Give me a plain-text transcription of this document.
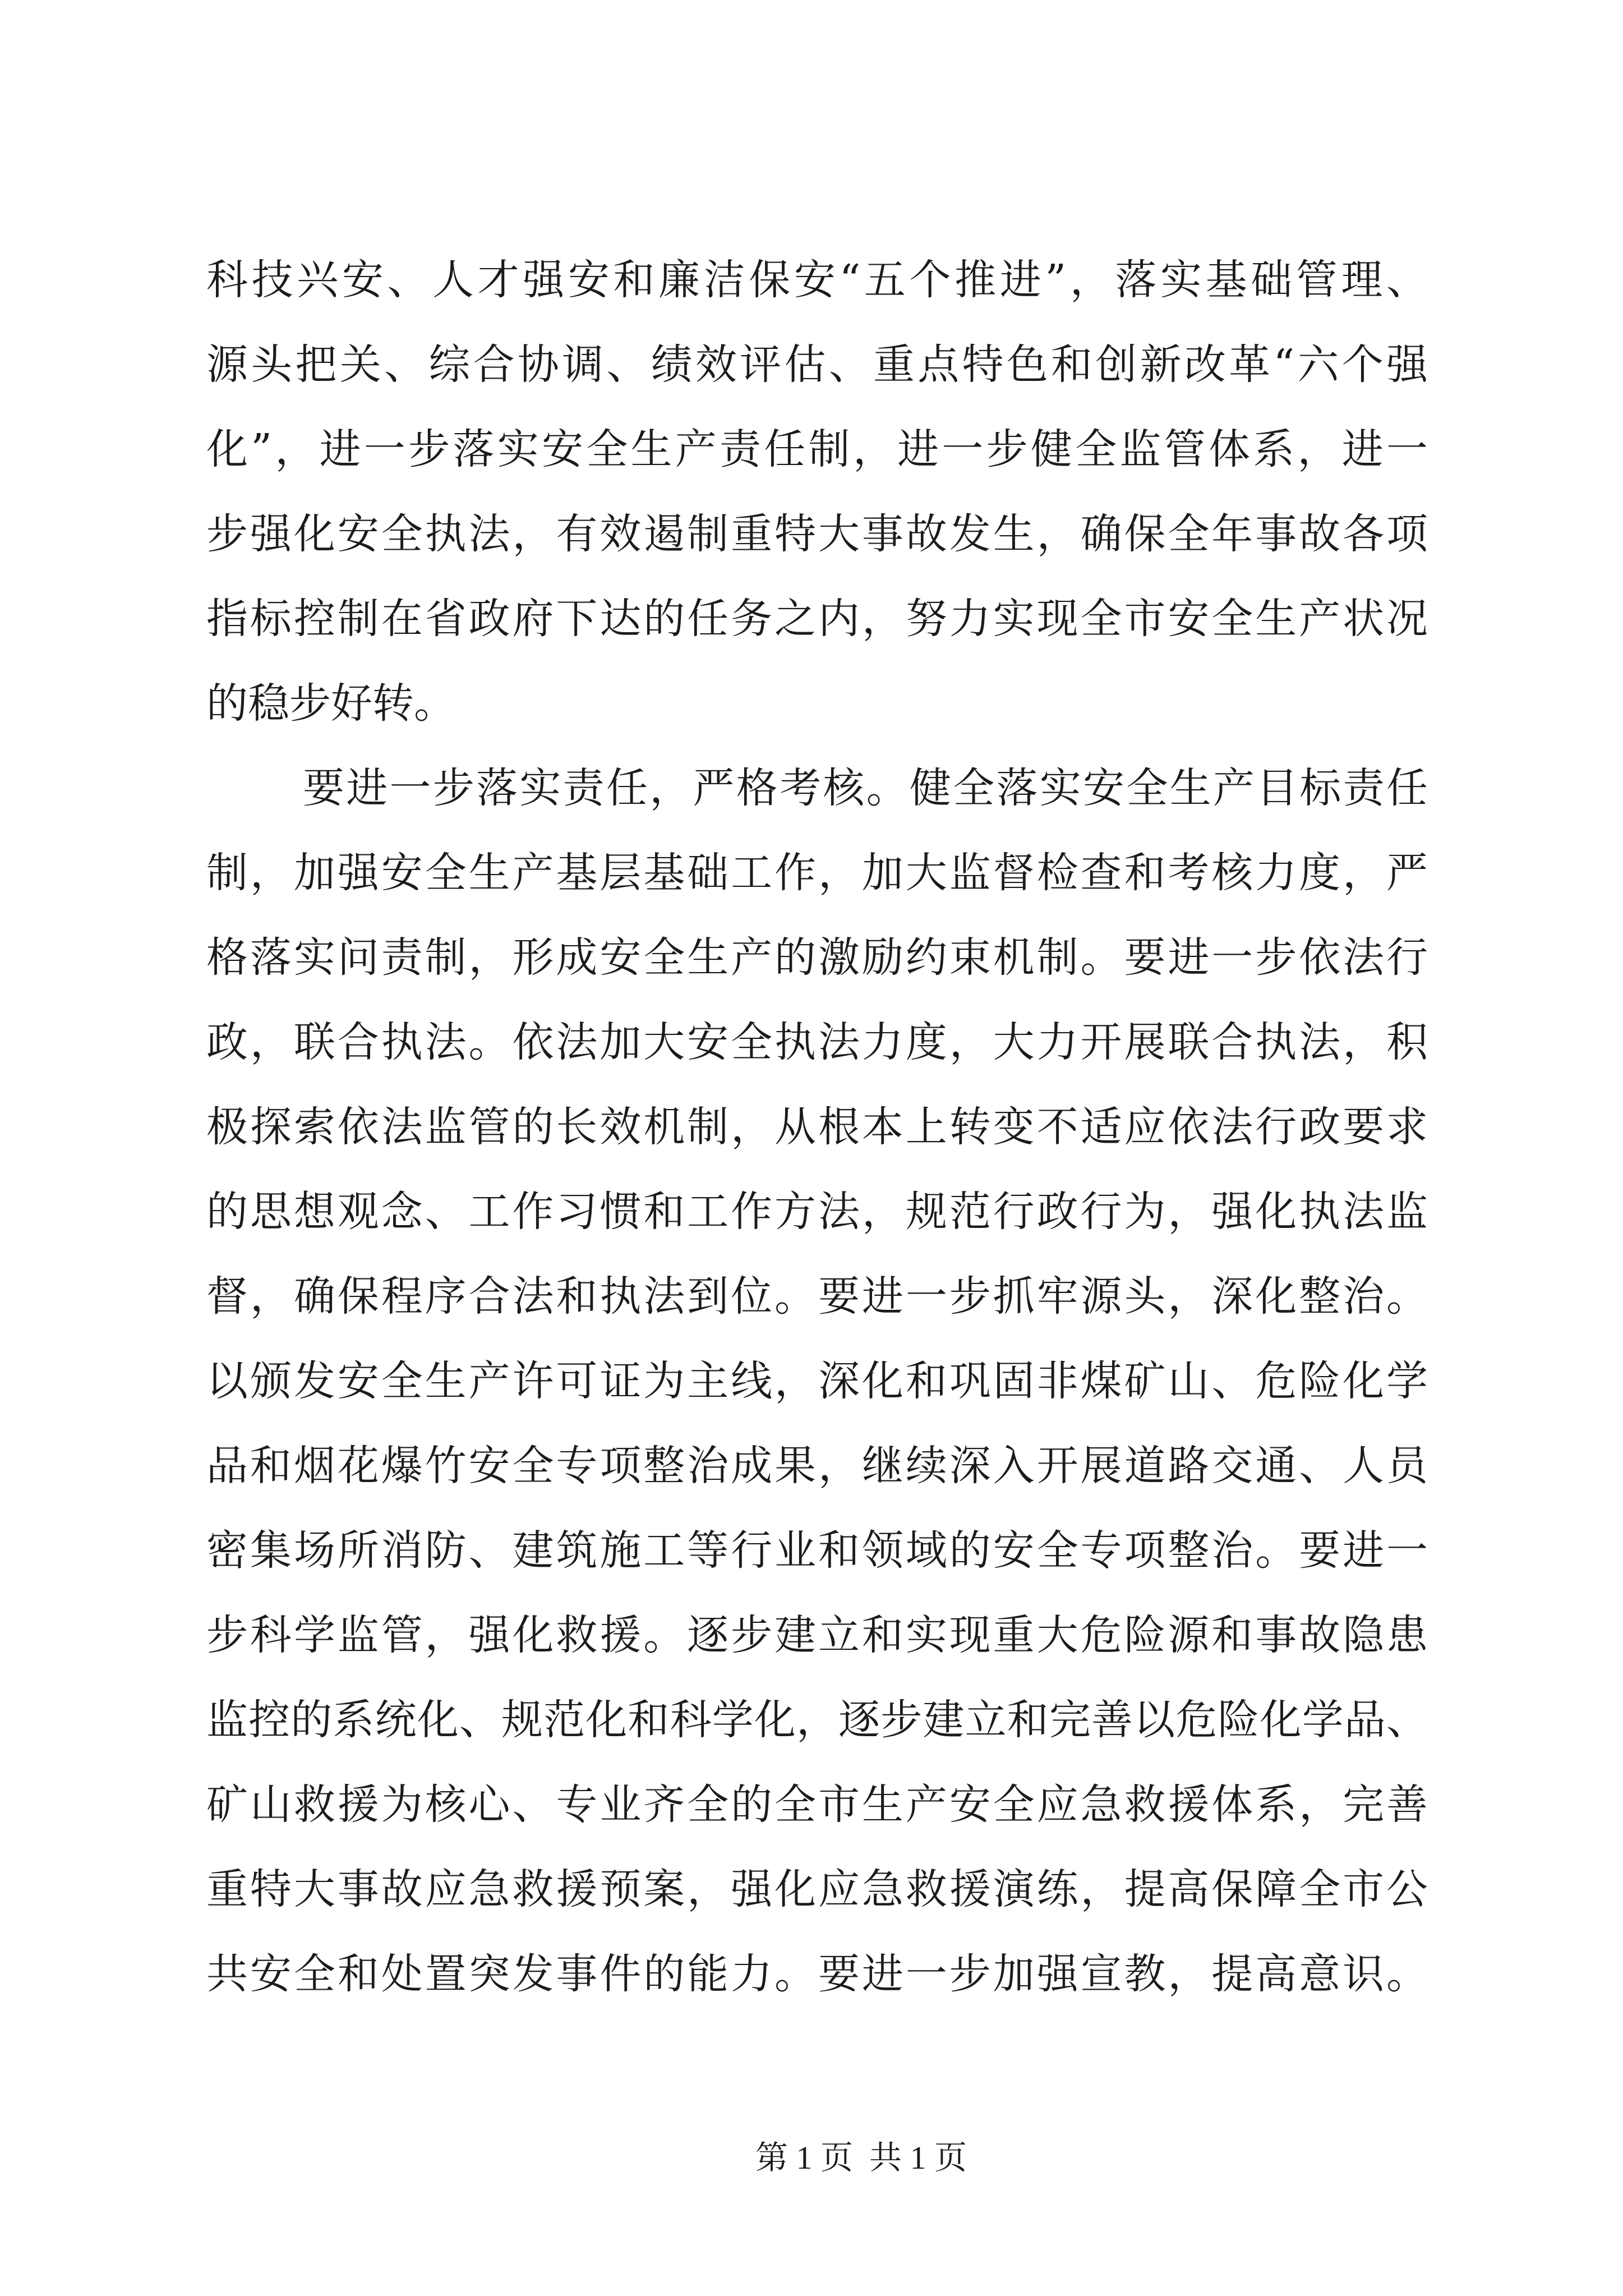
科技兴安、人才强安和廉洁保安“五个推进”，落实基础管理、
源头把关、综合协调、绩效评估、重点特色和创新改革“六个强
化”，进一步落实安全生产责任制，进一步健全监管体系，进一
步强化安全执法，有效遏制重特大事故发生，确保全年事故各项
指标控制在省政府下达的任务之内，努力实现全市安全生产状况
的稳步好转。
要进一步落实责任，严格考核。健全落实安全生产目标责任
制，加强安全生产基层基础工作，加大监督检查和考核力度，严
格落实问责制，形成安全生产的激励约束机制。要进一步依法行
政，联合执法。依法加大安全执法力度，大力开展联合执法，积
极探索依法监管的长效机制，从根本上转变不适应依法行政要求
的思想观念、工作习惯和工作方法，规范行政行为，强化执法监
督，确保程序合法和执法到位。要进一步抓牢源头，深化整治。
以颁发安全生产许可证为主线，深化和巩固非煤矿山、危险化学
品和烟花爆竹安全专项整治成果，继续深入开展道路交通、人员
密集场所消防、建筑施工等行业和领域的安全专项整治。要进一
步科学监管，强化救援。逐步建立和实现重大危险源和事故隐患
监控的系统化、规范化和科学化，逐步建立和完善以危险化学品、
矿山救援为核心、专业齐全的全市生产安全应急救援体系，完善
重特大事故应急救援预案，强化应急救援演练，提高保障全市公
共安全和处置突发事件的能力。要进一步加强宣教，提高意识。
第 1 页  共 1 页
